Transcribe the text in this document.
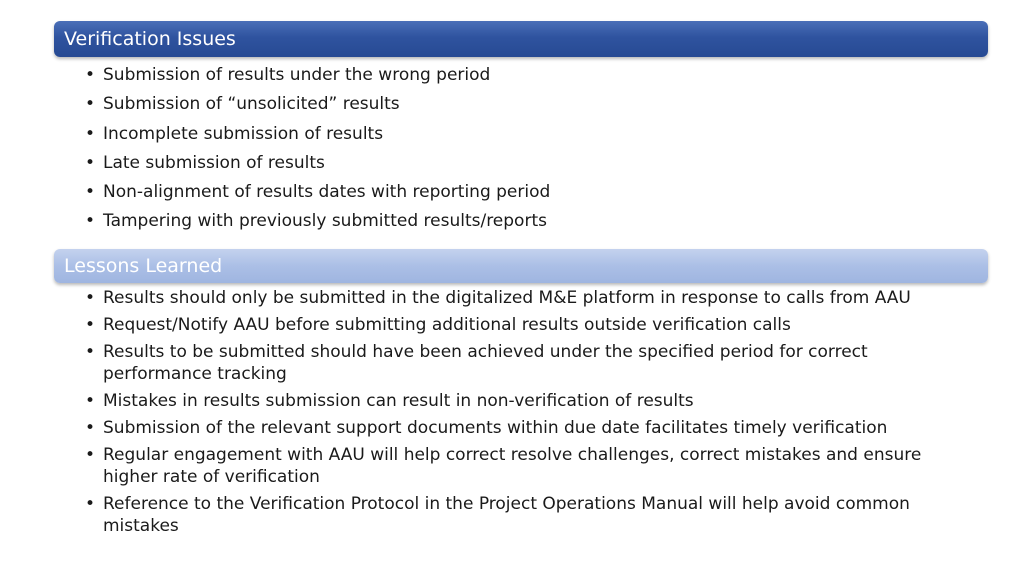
Verification Issues
• Submission of results under the wrong period
• Submission of “unsolicited” results
• Incomplete submission of results
• Late submission of results
• Non-alignment of results dates with reporting period
• Tampering with previously submitted results/reports
Lessons Learned
• Results should only be submitted in the digitalized M&E platform in response to calls from AAU
• Request/Notify AAU before submitting additional results outside verification calls
• Results to be submitted should have been achieved under the specified period for correct performance tracking
• Mistakes in results submission can result in non-verification of results
• Submission of the relevant support documents within due date facilitates timely verification
• Regular engagement with AAU will help correct resolve challenges, correct mistakes and ensure higher rate of verification
• Reference to the Verification Protocol in the Project Operations Manual will help avoid common mistakes
